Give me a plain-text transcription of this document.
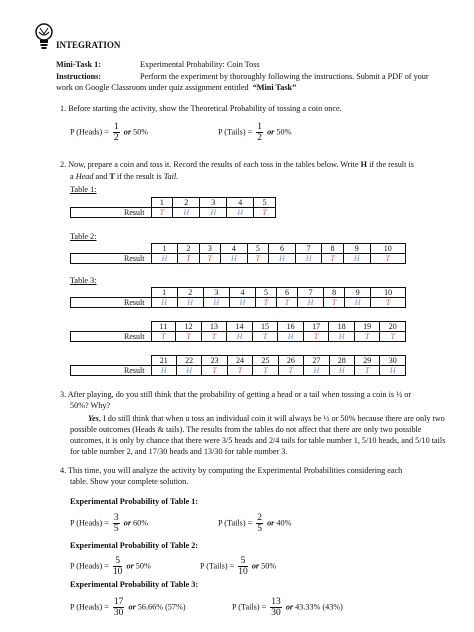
INTEGRATION
Mini-Task 1:	Experimental Probability: Coin Toss
Instructions:	Perform the experiment by thoroughly following the instructions. Submit a PDF of your
work on Google Classroom under quiz assignment entitled “Mini Task”
1. Before starting the activity, show the Theoretical Probability of tossing a coin once.
P (Heads) = $\frac{1}{2}$ or 50%	P (Tails) = $\frac{1}{2}$ or 50%
2. Now, prepare a coin and toss it. Record the results of each toss in the tables below. Write H if the result is
a Head and T if the result is Tail.
Table 1:
	1	2	3	4	5
Result	T	H	H	H	T
Table 2:
	1	2	3	4	5	6	7	8	9	10
Result	H	T	T	H	T	H	H	T	H	T
Table 3:
	1	2	3	4	5	6	7	8	9	10
Result	H	H	H	H	T	T	H	T	H	T
	11	12	13	14	15	16	17	18	19	20
Result	T	T	T	H	T	H	T	H	T	T
	21	22	23	24	25	26	27	28	29	30
Result	H	H	T	T	T	T	H	H	T	H
3. After playing, do you still think that the probability of getting a head or a tail when tossing a coin is ½ or
50%? Why?
Yes, I do still think that when u toss an individual coin it will always be ½ or 50% because there are only two
possible outcomes (Heads & tails). The results from the tables do not affect that there are only two possible
outcomes, it is only by chance that there were 3/5 heads and 2/4 tails for table number 1, 5/10 heads, and 5/10 tails
for table number 2, and 17/30 heads and 13/30 for table number 3.
4. This time, you will analyze the activity by computing the Experimental Probabilities considering each
table. Show your complete solution.
Experimental Probability of Table 1:
P (Heads) = $\frac{3}{5}$ or 60%	P (Tails) = $\frac{2}{5}$ or 40%
Experimental Probability of Table 2:
P (Heads) = $\frac{5}{10}$ or 50%	P (Tails) = $\frac{5}{10}$ or 50%
Experimental Probability of Table 3:
P (Heads) = $\frac{17}{30}$ or 56.66% (57%)	P (Tails) = $\frac{13}{30}$ or 43.33% (43%)
